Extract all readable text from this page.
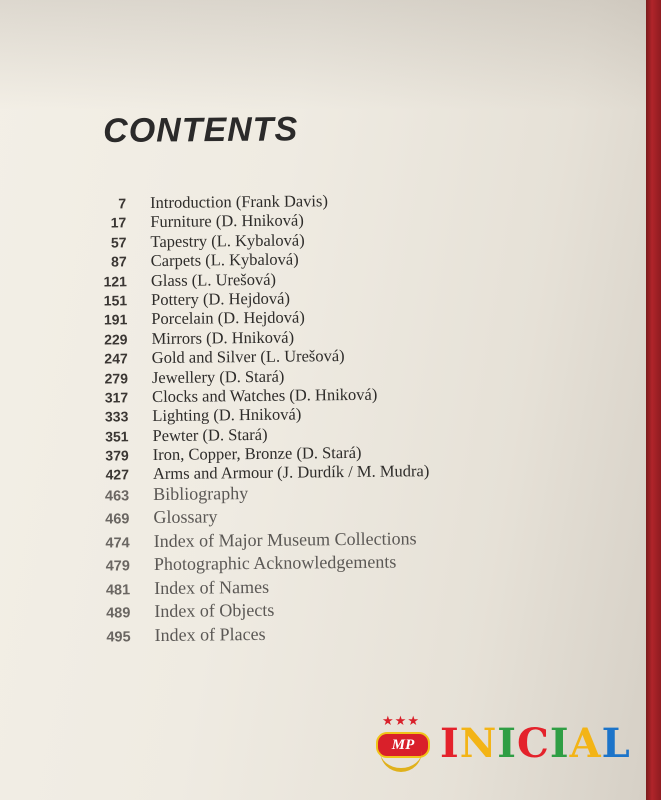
CONTENTS
7 Introduction (Frank Davis)
17 Furniture (D. Hniková)
57 Tapestry (L. Kybalová)
87 Carpets (L. Kybalová)
121 Glass (L. Urešová)
151 Pottery (D. Hejdová)
191 Porcelain (D. Hejdová)
229 Mirrors (D. Hniková)
247 Gold and Silver (L. Urešová)
279 Jewellery (D. Stará)
317 Clocks and Watches (D. Hniková)
333 Lighting (D. Hniková)
351 Pewter (D. Stará)
379 Iron, Copper, Bronze (D. Stará)
427 Arms and Armour (J. Durdík / M. Mudra)
463 Bibliography
469 Glossary
474 Index of Major Museum Collections
479 Photographic Acknowledgements
481 Index of Names
489 Index of Objects
495 Index of Places
★★★
MP INICIAL
